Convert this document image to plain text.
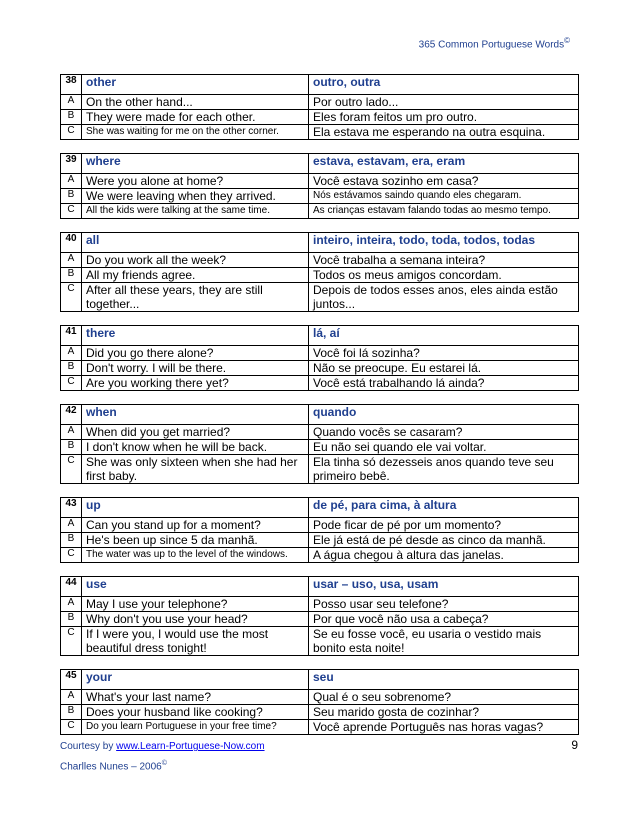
365 Common Portuguese Words©
38	other	outro, outra
A	On the other hand...	Por outro lado...
B	They were made for each other.	Eles foram feitos um pro outro.
C	She was waiting for me on the other corner.	Ela estava me esperando na outra esquina.
39	where	estava, estavam, era, eram
A	Were you alone at home?	Você estava sozinho em casa?
B	We were leaving when they arrived.	Nós estávamos saindo quando eles chegaram.
C	All the kids were talking at the same time.	As crianças estavam falando todas ao mesmo tempo.
40	all	inteiro, inteira, todo, toda, todos, todas
A	Do you work all the week?	Você trabalha a semana inteira?
B	All my friends agree.	Todos os meus amigos concordam.
C	After all these years, they are still together...	Depois de todos esses anos, eles ainda estão juntos...
41	there	lá, aí
A	Did you go there alone?	Você foi lá sozinha?
B	Don't worry. I will be there.	Não se preocupe. Eu estarei lá.
C	Are you working there yet?	Você está trabalhando lá ainda?
42	when	quando
A	When did you get married?	Quando vocês se casaram?
B	I don't know when he will be back.	Eu não sei quando ele vai voltar.
C	She was only sixteen when she had her first baby.	Ela tinha só dezesseis anos quando teve seu primeiro bebê.
43	up	de pé, para cima, à altura
A	Can you stand up for a moment?	Pode ficar de pé por um momento?
B	He's been up since 5 da manhã.	Ele já está de pé desde as cinco da manhã.
C	The water was up to the level of the windows.	A água chegou à altura das janelas.
44	use	usar – uso, usa, usam
A	May I use your telephone?	Posso usar seu telefone?
B	Why don't you use your head?	Por que você não usa a cabeça?
C	If I were you, I would use the most beautiful dress tonight!	Se eu fosse você, eu usaria o vestido mais bonito esta noite!
45	your	seu
A	What's your last name?	Qual é o seu sobrenome?
B	Does your husband like cooking?	Seu marido gosta de cozinhar?
C	Do you learn Portuguese in your free time?	Você aprende Português nas horas vagas?
Courtesy by www.Learn-Portuguese-Now.com
Charlles Nunes – 2006©
9
